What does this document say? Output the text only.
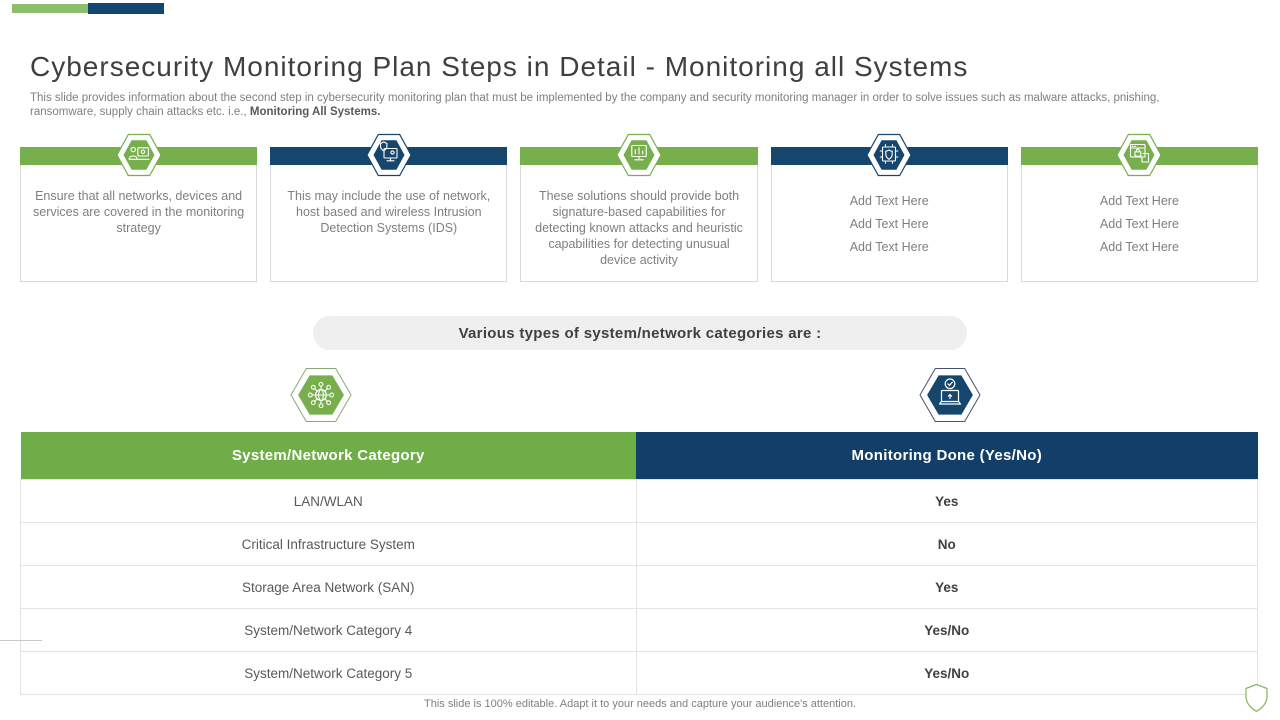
Cybersecurity Monitoring Plan Steps in Detail - Monitoring all Systems

This slide provides information about the second step in cybersecurity monitoring plan that must be implemented by the company and security monitoring manager in order to solve issues such as malware attacks, pnishing, ransomware, supply chain attacks etc. i.e., Monitoring All Systems.

Ensure that all networks, devices and services are covered in the monitoring strategy
This may include the use of network, host based and wireless Intrusion Detection Systems (IDS)
These solutions should provide both signature-based capabilities for detecting known attacks and heuristic capabilities for detecting unusual device activity
Add Text Here
Add Text Here
Add Text Here
Add Text Here
Add Text Here
Add Text Here
Various types of system/network categories are :
System/Network Category	Monitoring Done (Yes/No)
LAN/WLAN	Yes
Critical Infrastructure System	No
Storage Area Network (SAN)	Yes
System/Network Category 4	Yes/No
System/Network Category 5	Yes/No
This slide is 100% editable. Adapt it to your needs and capture your audience's attention.
